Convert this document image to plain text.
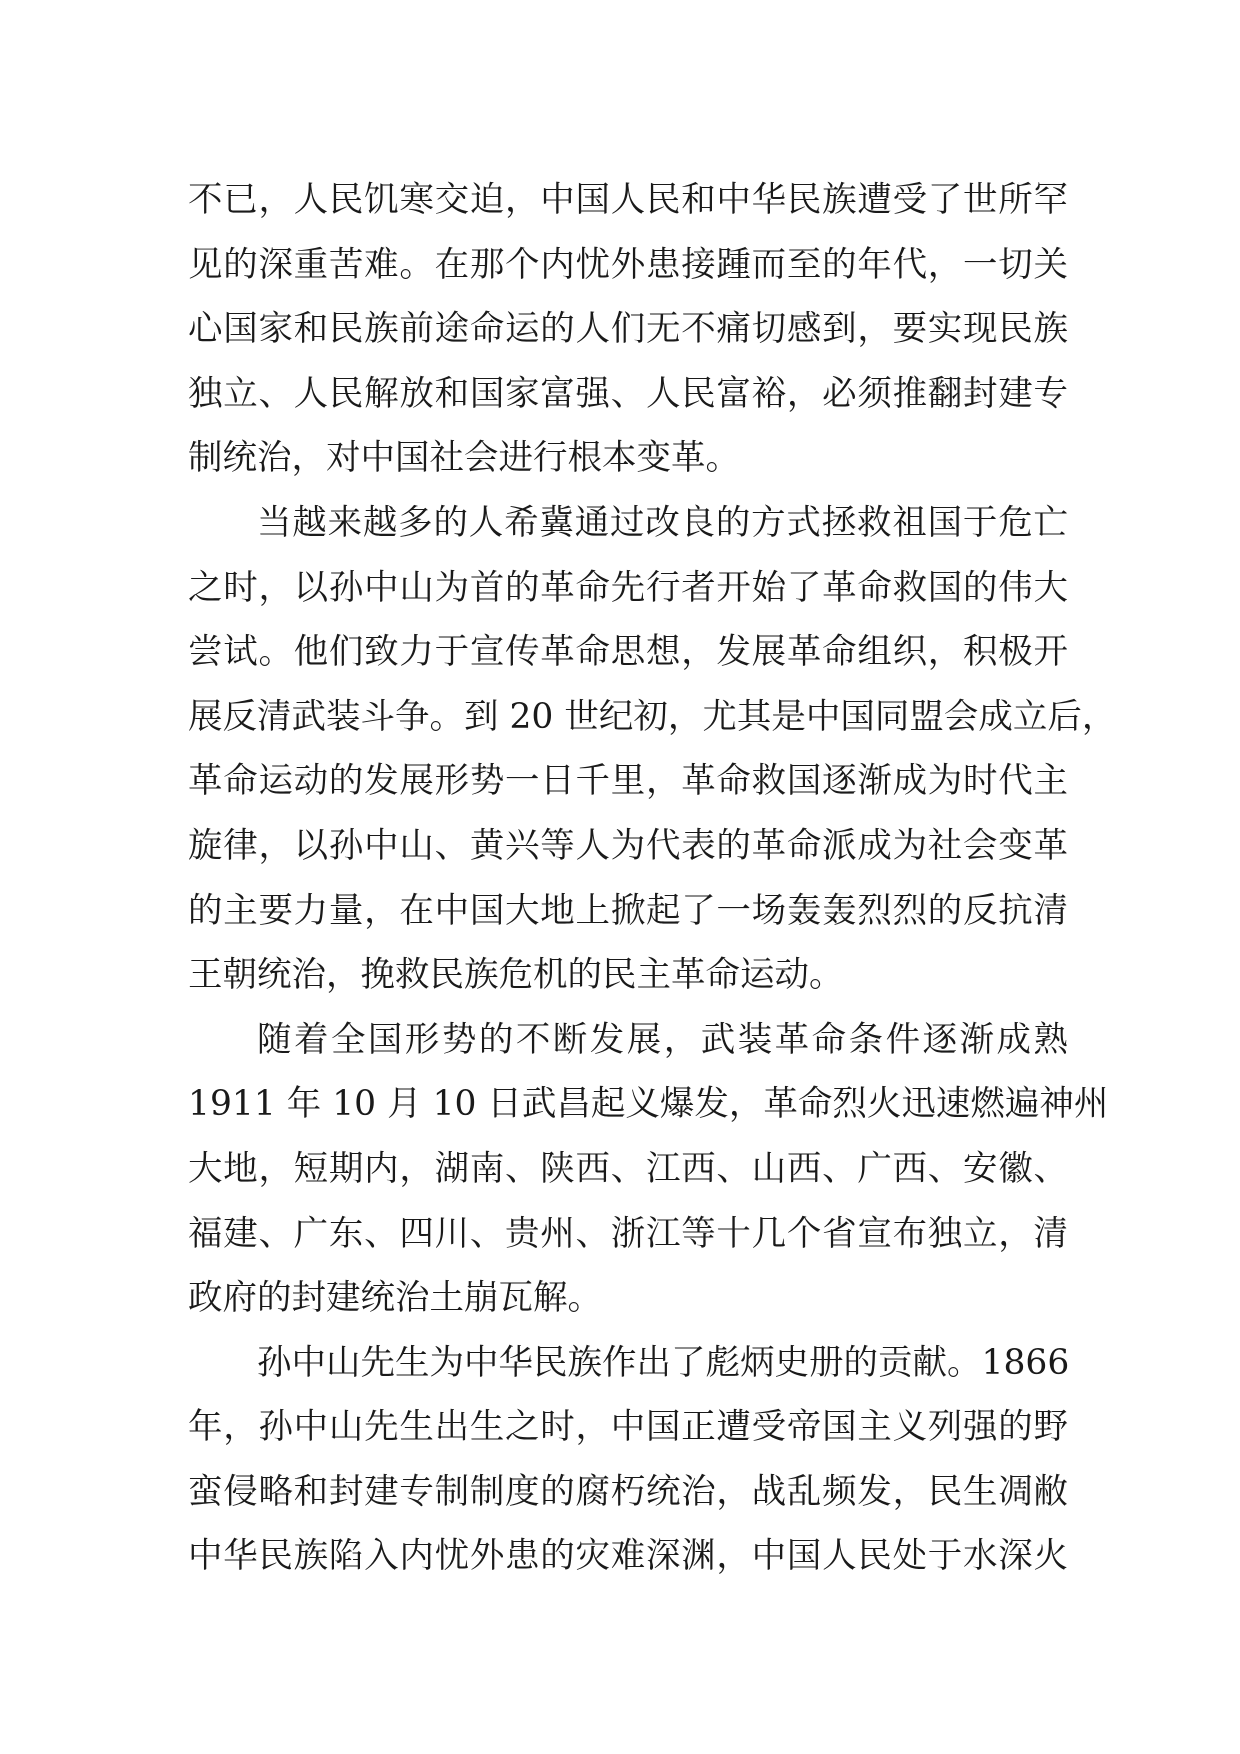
不已，人民饥寒交迫，中国人民和中华民族遭受了世所罕
见的深重苦难。在那个内忧外患接踵而至的年代，一切关
心国家和民族前途命运的人们无不痛切感到，要实现民族
独立、人民解放和国家富强、人民富裕，必须推翻封建专
制统治，对中国社会进行根本变革。
当越来越多的人希冀通过改良的方式拯救祖国于危亡
之时，以孙中山为首的革命先行者开始了革命救国的伟大
尝试。他们致力于宣传革命思想，发展革命组织，积极开
展反清武装斗争。到 20 世纪初，尤其是中国同盟会成立后，
革命运动的发展形势一日千里，革命救国逐渐成为时代主
旋律，以孙中山、黄兴等人为代表的革命派成为社会变革
的主要力量，在中国大地上掀起了一场轰轰烈烈的反抗清
王朝统治，挽救民族危机的民主革命运动。
随着全国形势的不断发展，武装革命条件逐渐成熟
1911 年 10 月 10 日武昌起义爆发，革命烈火迅速燃遍神州
大地，短期内，湖南、陕西、江西、山西、广西、安徽、
福建、广东、四川、贵州、浙江等十几个省宣布独立，清
政府的封建统治土崩瓦解。
孙中山先生为中华民族作出了彪炳史册的贡献。1866
年，孙中山先生出生之时，中国正遭受帝国主义列强的野
蛮侵略和封建专制制度的腐朽统治，战乱频发，民生凋敝
中华民族陷入内忧外患的灾难深渊，中国人民处于水深火
